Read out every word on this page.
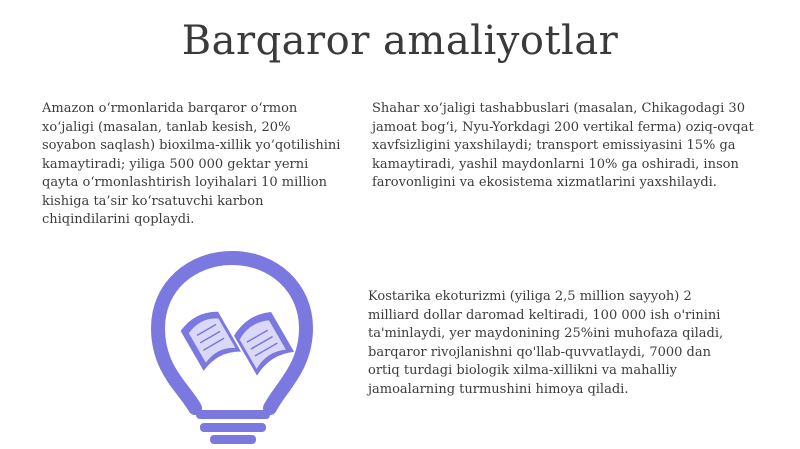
Barqaror amaliyotlar

Amazon o‘rmonlarida barqaror o‘rmon xo‘jaligi (masalan, tanlab kesish, 20% soyabon saqlash) bioxilma-xillik yo‘qotilishini kamaytiradi; yiliga 500 000 gektar yerni qayta o‘rmonlashtirish loyihalari 10 million kishiga ta’sir ko‘rsatuvchi karbon chiqindilarini qoplaydi.

Shahar xo‘jaligi tashabbuslari (masalan, Chikagodagi 30 jamoat bog‘i, Nyu-Yorkdagi 200 vertikal ferma) oziq-ovqat xavfsizligini yaxshilaydi; transport emissiyasini 15% ga kamaytiradi, yashil maydonlarni 10% ga oshiradi, inson farovonligini va ekosistema xizmatlarini yaxshilaydi.

Kostarika ekoturizmi (yiliga 2,5 million sayyoh) 2 milliard dollar daromad keltiradi, 100 000 ish o'rinini ta'minlaydi, yer maydonining 25%ini muhofaza qiladi, barqaror rivojlanishni qo'llab-quvvatlaydi, 7000 dan ortiq turdagi biologik xilma-xillikni va mahalliy jamoalarning turmushini himoya qiladi.
